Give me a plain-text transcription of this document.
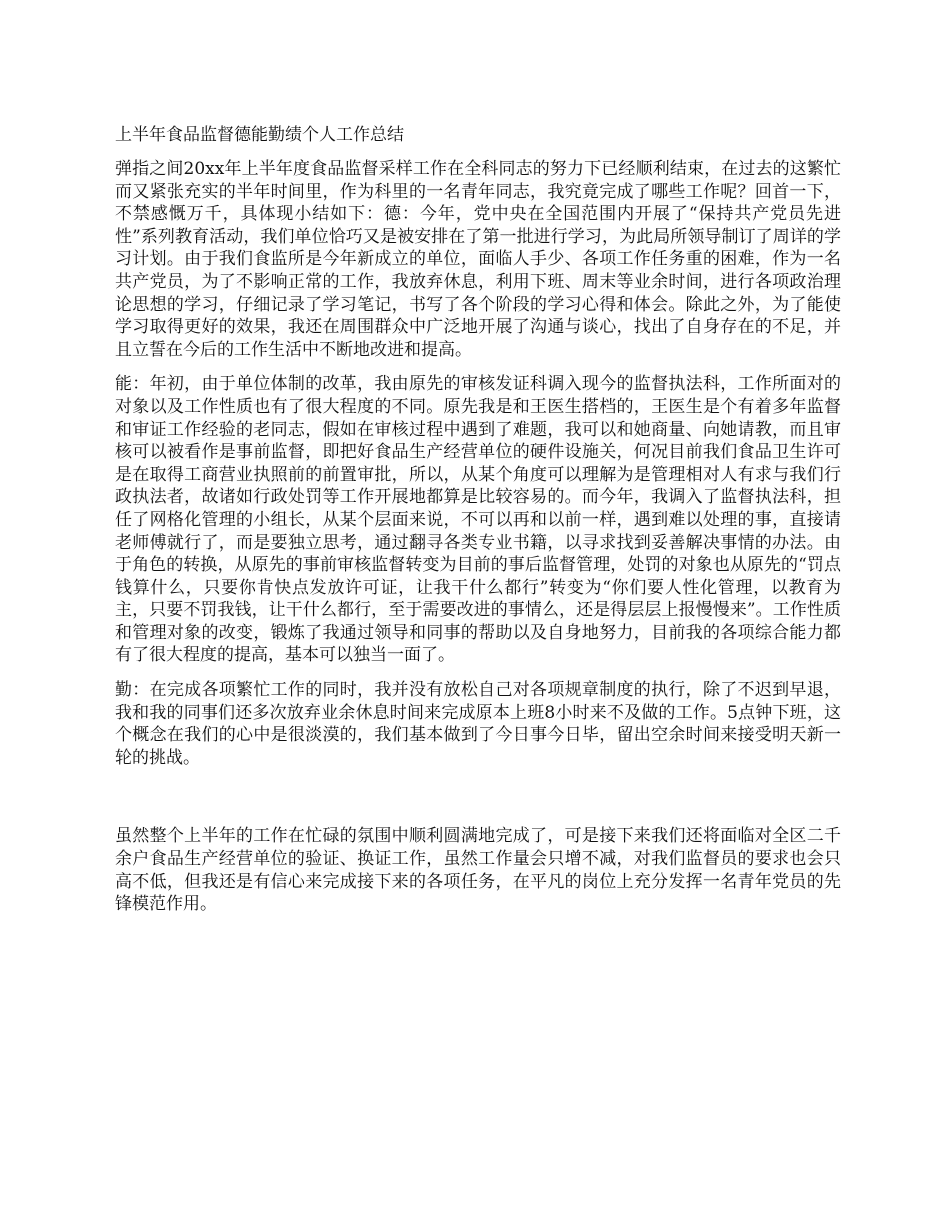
上半年食品监督德能勤绩个人工作总结

弹指之间20xx年上半年度食品监督采样工作在全科同志的努力下已经顺利结束，在过去的这繁忙而又紧张充实的半年时间里，作为科里的一名青年同志，我究竟完成了哪些工作呢？回首一下，不禁感慨万千，具体现小结如下：德：今年，党中央在全国范围内开展了“保持共产党员先进性”系列教育活动，我们单位恰巧又是被安排在了第一批进行学习，为此局所领导制订了周详的学习计划。由于我们食监所是今年新成立的单位，面临人手少、各项工作任务重的困难，作为一名共产党员，为了不影响正常的工作，我放弃休息，利用下班、周末等业余时间，进行各项政治理论思想的学习，仔细记录了学习笔记，书写了各个阶段的学习心得和体会。除此之外，为了能使学习取得更好的效果，我还在周围群众中广泛地开展了沟通与谈心，找出了自身存在的不足，并且立誓在今后的工作生活中不断地改进和提高。

能：年初，由于单位体制的改革，我由原先的审核发证科调入现今的监督执法科，工作所面对的对象以及工作性质也有了很大程度的不同。原先我是和王医生搭档的，王医生是个有着多年监督和审证工作经验的老同志，假如在审核过程中遇到了难题，我可以和她商量、向她请教，而且审核可以被看作是事前监督，即把好食品生产经营单位的硬件设施关，何况目前我们食品卫生许可是在取得工商营业执照前的前置审批，所以，从某个角度可以理解为是管理相对人有求与我们行政执法者，故诸如行政处罚等工作开展地都算是比较容易的。而今年，我调入了监督执法科，担任了网格化管理的小组长，从某个层面来说，不可以再和以前一样，遇到难以处理的事，直接请老师傅就行了，而是要独立思考，通过翻寻各类专业书籍，以寻求找到妥善解决事情的办法。由于角色的转换，从原先的事前审核监督转变为目前的事后监督管理，处罚的对象也从原先的“罚点钱算什么，只要你肯快点发放许可证，让我干什么都行”转变为“你们要人性化管理，以教育为主，只要不罚我钱，让干什么都行，至于需要改进的事情么，还是得层层上报慢慢来”。工作性质和管理对象的改变，锻炼了我通过领导和同事的帮助以及自身地努力，目前我的各项综合能力都有了很大程度的提高，基本可以独当一面了。

勤：在完成各项繁忙工作的同时，我并没有放松自己对各项规章制度的执行，除了不迟到早退，我和我的同事们还多次放弃业余休息时间来完成原本上班8小时来不及做的工作。5点钟下班，这个概念在我们的心中是很淡漠的，我们基本做到了今日事今日毕，留出空余时间来接受明天新一轮的挑战。

虽然整个上半年的工作在忙碌的氛围中顺利圆满地完成了，可是接下来我们还将面临对全区二千余户食品生产经营单位的验证、换证工作，虽然工作量会只增不减，对我们监督员的要求也会只高不低，但我还是有信心来完成接下来的各项任务，在平凡的岗位上充分发挥一名青年党员的先锋模范作用。
